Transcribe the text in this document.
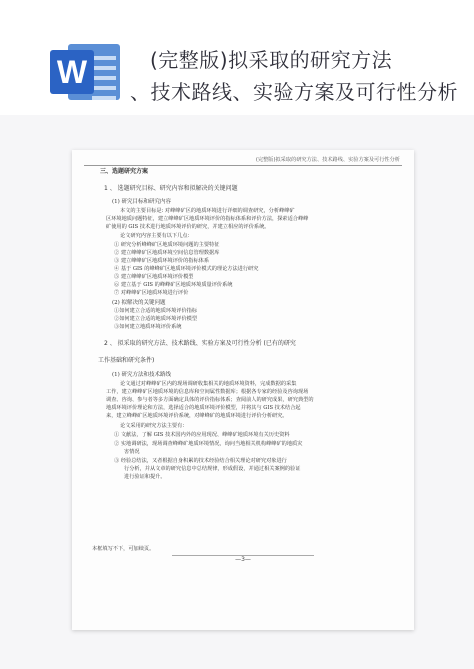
W	(完整版)拟采取的研究方法
、技术路线、实验方案及可行性分析
(完整版)拟采取的研究方法、技术路线、实验方案及可行性分析
三、选题研究方案
1 、 选题研究目标、研究内容和拟解决的关键问题
(1) 研究目标和研究内容
本文的主要目标是: 对峰峰矿区的地质环境进行详细的调查研究，分析峰峰矿
区环境地质问题特征，建立峰峰矿区地质环境评价的指标体系和评价方法，探索适合峰峰
矿使用的 GIS 技术进行地质环境评价的研究，并建立相应的评价系统。
论文研究内容主要有以下几点：
① 研究分析峰峰矿区地质环境问题的主要特征
② 建立峰峰矿区地质环境空间信息管理数据库
③ 建立峰峰矿区地质环境评价的指标体系
④ 基于 GIS 的峰峰矿区地质环境评价模式的理论方法进行研究
⑤ 建立峰峰矿区地质环境评价模型
⑥ 建立基于 GIS 的峰峰矿区地质环境质量评价系统
⑦ 对峰峰矿区地质环境进行评价
(2) 拟解决的关键问题
①如何建立合适的地质环境评价指标
②如何建立合适的地质环境评价模型
③如何建立地质环境评价系统
2 、 拟采取的研究方法、技术路线、实验方案及可行性分析 (已有的研究
工作基础和研究条件)
(1) 研究方法和技术路线
论文通过对峰峰矿区内的现场调研收集相关的地质环境资料，完成数据的采集
工作，建立峰峰矿区地质环境的信息库和空间属性数据库；根据各专家的经验及咨询现场
调查、咨询、参与者等多方面确定具体的评价指标体系；查阅前人的研究成果，研究典型的
地质环境评价理论和方法，选择适合的地质环境评价模型，并将其与 GIS 技术结合起
来，建立峰峰矿区地质环境评价系统，对峰峰矿的地质环境进行评价分析研究。
论文采用的研究方法主要有：
① 文献法，了解 GIS 技术国内外的应用现况、峰峰矿地质环境有关历史资料
② 实地调研法，现场调查峰峰矿地质环境情况，询问当地相关机构峰峰矿的地质灾
害情况
③ 经验总结法，又者根据自身积累的技术经验结合相关理论对研究对象进行
行分析，并从文章的研究信息中总结规律，形成假设，并通过相关案例的验证
进行验证和提升。
本框填写不下，可加续页。
—3—
